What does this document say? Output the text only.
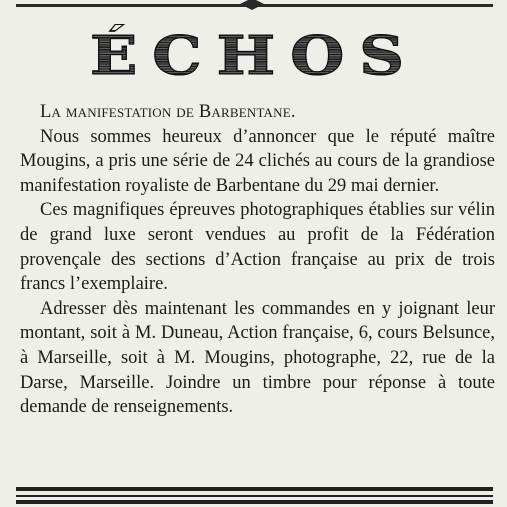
ÉCHOS

La manifestation de Barbentane.

Nous sommes heureux d’annoncer que le réputé maître Mougins, a pris une série de 24 clichés au cours de la grandiose manifestation royaliste de Barbentane du 29 mai dernier.

Ces magnifiques épreuves photographiques établies sur vélin de grand luxe seront vendues au profit de la Fédération provençale des sections d’Action française au prix de trois francs l’exemplaire.

Adresser dès maintenant les commandes en y joignant leur montant, soit à M. Duneau, Action française, 6, cours Belsunce, à Marseille, soit à M. Mougins, photographe, 22, rue de la Darse, Marseille. Joindre un timbre pour réponse à toute demande de renseignements.
